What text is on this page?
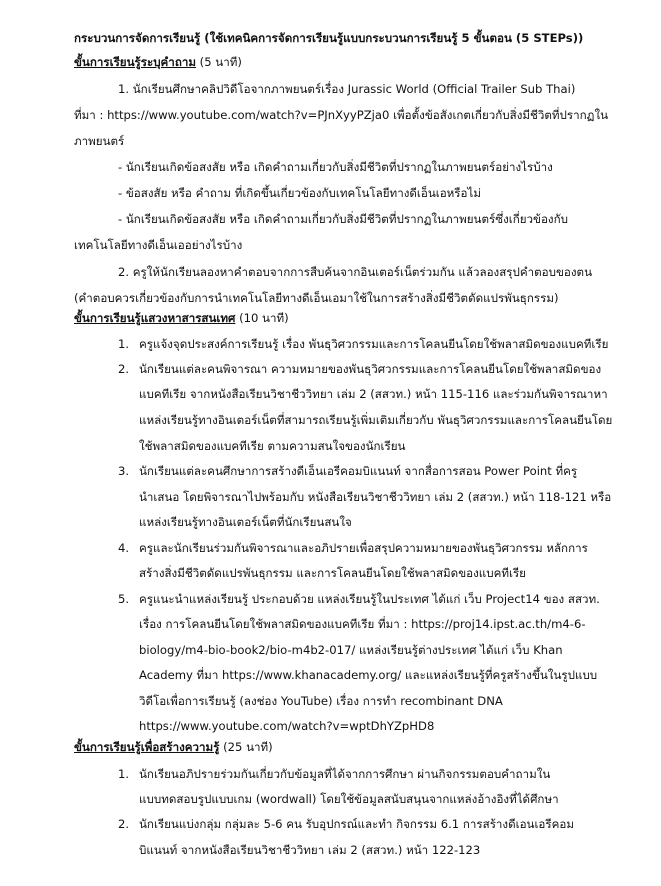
กระบวนการจัดการเรียนรู้ (ใช้เทคนิคการจัดการเรียนรู้แบบกระบวนการเรียนรู้ 5 ขั้นตอน (5 STEPs))
ขั้นการเรียนรู้ระบุคำถาม (5 นาที)
1. นักเรียนศึกษาคลิปวิดีโอจากภาพยนตร์เรื่อง Jurassic World (Official Trailer Sub Thai)
ที่มา : https://www.youtube.com/watch?v=PJnXyyPZja0 เพื่อตั้งข้อสังเกตเกี่ยวกับสิ่งมีชีวิตที่ปรากฏใน
ภาพยนตร์
- นักเรียนเกิดข้อสงสัย หรือ เกิดคำถามเกี่ยวกับสิ่งมีชีวิตที่ปรากฏในภาพยนตร์อย่างไรบ้าง
- ข้อสงสัย หรือ คำถาม ที่เกิดขึ้นเกี่ยวข้องกับเทคโนโลยีทางดีเอ็นเอหรือไม่
- นักเรียนเกิดข้อสงสัย หรือ เกิดคำถามเกี่ยวกับสิ่งมีชีวิตที่ปรากฏในภาพยนตร์ซึ่งเกี่ยวข้องกับ
เทคโนโลยีทางดีเอ็นเออย่างไรบ้าง
2. ครูให้นักเรียนลองหาคำตอบจากการสืบค้นจากอินเตอร์เน็ตร่วมกัน แล้วลองสรุปคำตอบของตน
(คำตอบควรเกี่ยวข้องกับการนำเทคโนโลยีทางดีเอ็นเอมาใช้ในการสร้างสิ่งมีชีวิตดัดแปรพันธุกรรม)
ขั้นการเรียนรู้แสวงหาสารสนเทศ (10 นาที)
1. ครูแจ้งจุดประสงค์การเรียนรู้ เรื่อง พันธุวิศวกรรมและการโคลนยีนโดยใช้พลาสมิดของแบคทีเรีย
2. นักเรียนแต่ละคนพิจารณา ความหมายของพันธุวิศวกรรมและการโคลนยีนโดยใช้พลาสมิดของ
แบคทีเรีย จากหนังสือเรียนวิชาชีววิทยา เล่ม 2 (สสวท.) หน้า 115-116 และร่วมกันพิจารณาหา
แหล่งเรียนรู้ทางอินเตอร์เน็ตที่สามารถเรียนรู้เพิ่มเติมเกี่ยวกับ พันธุวิศวกรรมและการโคลนยีนโดย
ใช้พลาสมิดของแบคทีเรีย ตามความสนใจของนักเรียน
3. นักเรียนแต่ละคนศึกษาการสร้างดีเอ็นเอรีคอมบิแนนท์ จากสื่อการสอน Power Point ที่ครู
นำเสนอ โดยพิจารณาไปพร้อมกับ หนังสือเรียนวิชาชีววิทยา เล่ม 2 (สสวท.) หน้า 118-121 หรือ
แหล่งเรียนรู้ทางอินเตอร์เน็ตที่นักเรียนสนใจ
4. ครูและนักเรียนร่วมกันพิจารณาและอภิปรายเพื่อสรุปความหมายของพันธุวิศวกรรม หลักการ
สร้างสิ่งมีชีวิตดัดแปรพันธุกรรม และการโคลนยีนโดยใช้พลาสมิดของแบคทีเรีย
5. ครูแนะนำแหล่งเรียนรู้ ประกอบด้วย แหล่งเรียนรู้ในประเทศ ได้แก่ เว็บ Project14 ของ สสวท.
เรื่อง การโคลนยีนโดยใช้พลาสมิดของแบคทีเรีย ที่มา : https://proj14.ipst.ac.th/m4-6-
biology/m4-bio-book2/bio-m4b2-017/ แหล่งเรียนรู้ต่างประเทศ ได้แก่ เว็บ Khan
Academy ที่มา https://www.khanacademy.org/ และแหล่งเรียนรู้ที่ครูสร้างขึ้นในรูปแบบ
วิดีโอเพื่อการเรียนรู้ (ลงช่อง YouTube) เรื่อง การทำ recombinant DNA
https://www.youtube.com/watch?v=wptDhYZpHD8
ขั้นการเรียนรู้เพื่อสร้างความรู้ (25 นาที)
1. นักเรียนอภิปรายร่วมกันเกี่ยวกับข้อมูลที่ได้จากการศึกษา ผ่านกิจกรรมตอบคำถามใน
แบบทดสอบรูปแบบเกม (wordwall) โดยใช้ข้อมูลสนับสนุนจากแหล่งอ้างอิงที่ได้ศึกษา
2. นักเรียนแบ่งกลุ่ม กลุ่มละ 5-6 คน รับอุปกรณ์และทำ กิจกรรม 6.1 การสร้างดีเอนเอรีคอม
บิแนนท์ จากหนังสือเรียนวิชาชีววิทยา เล่ม 2 (สสวท.) หน้า 122-123
